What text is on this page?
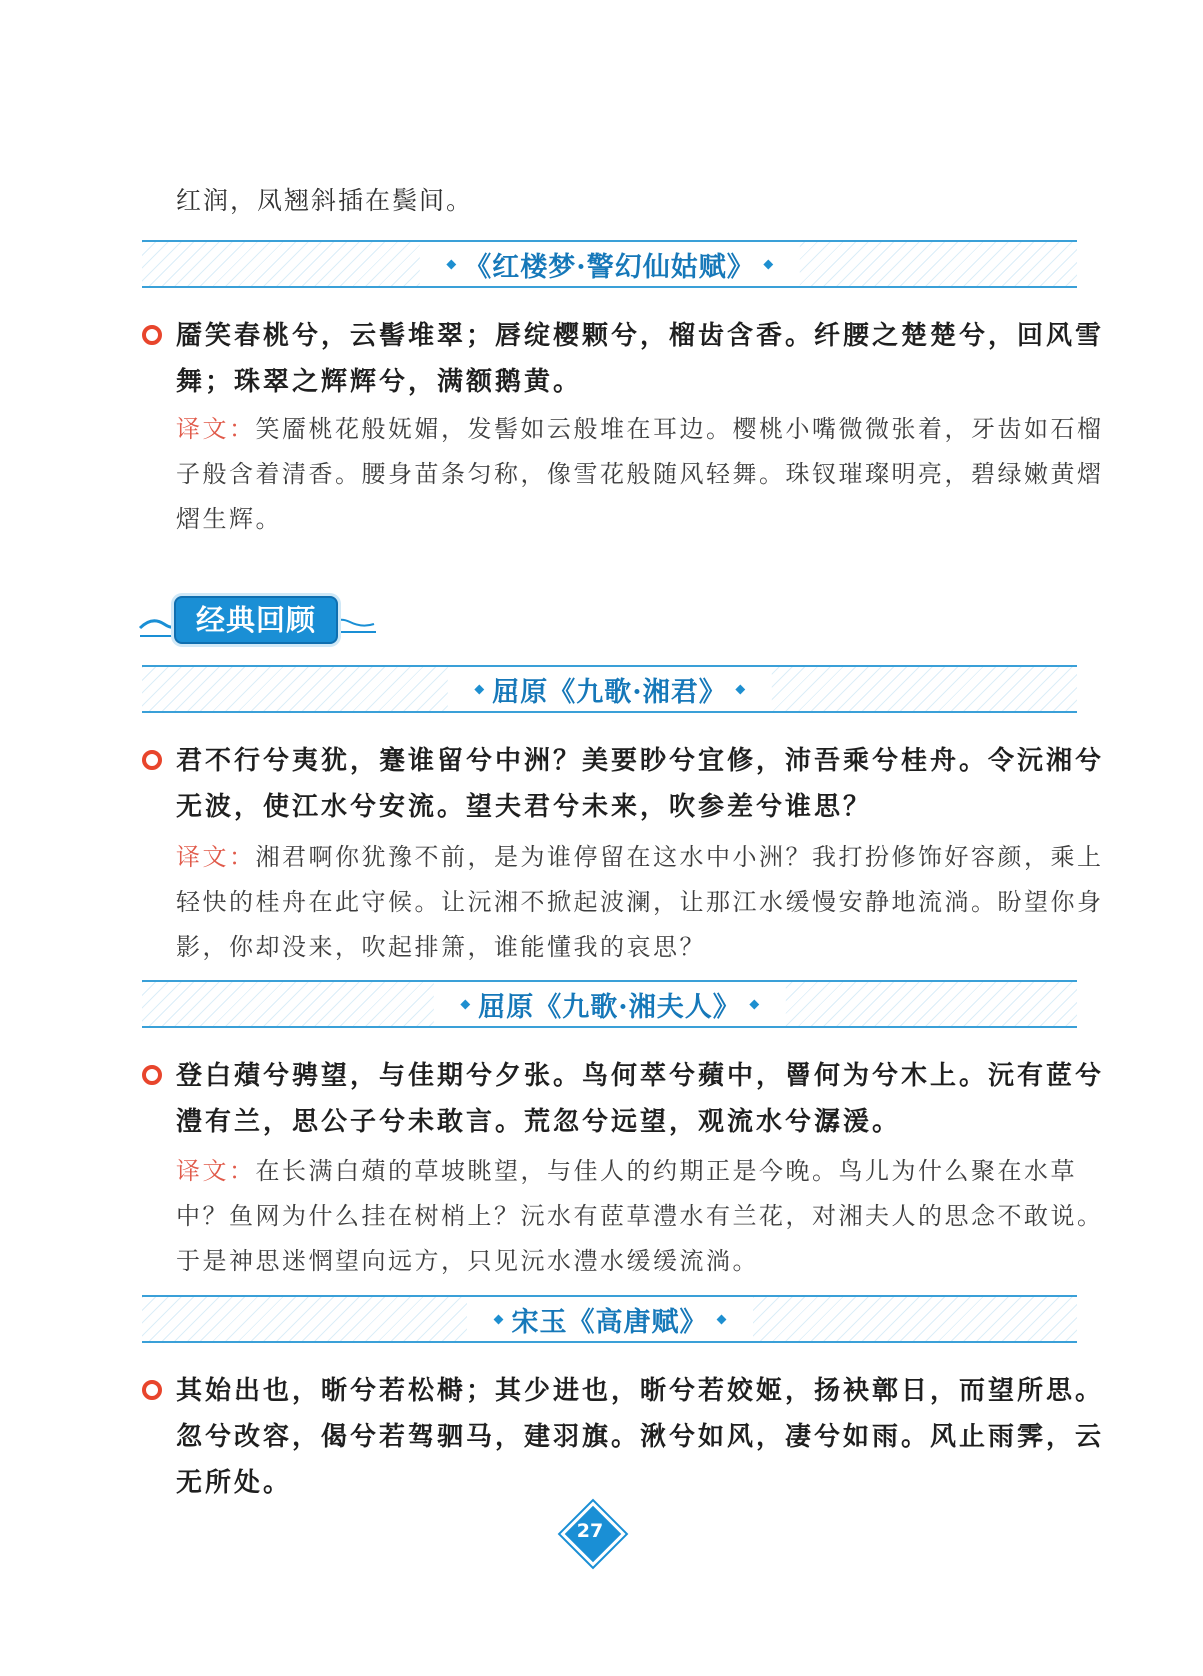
红润，凤翘斜插在鬓间。

《红楼梦·警幻仙姑赋》

靥笑春桃兮，云髻堆翠；唇绽樱颗兮，榴齿含香。纤腰之楚楚兮，回风雪舞；珠翠之辉辉兮，满额鹅黄。

译文：笑靥桃花般妩媚，发髻如云般堆在耳边。樱桃小嘴微微张着，牙齿如石榴子般含着清香。腰身苗条匀称，像雪花般随风轻舞。珠钗璀璨明亮，碧绿嫩黄熠熠生辉。

经典回顾
屈原《九歌·湘君》

君不行兮夷犹，蹇谁留兮中洲？美要眇兮宜修，沛吾乘兮桂舟。令沅湘兮无波，使江水兮安流。望夫君兮未来，吹参差兮谁思？

译文：湘君啊你犹豫不前，是为谁停留在这水中小洲？我打扮修饰好容颜，乘上轻快的桂舟在此守候。让沅湘不掀起波澜，让那江水缓慢安静地流淌。盼望你身影，你却没来，吹起排箫，谁能懂我的哀思？

屈原《九歌·湘夫人》

登白薠兮骋望，与佳期兮夕张。鸟何萃兮蘋中，罾何为兮木上。沅有茝兮澧有兰，思公子兮未敢言。荒忽兮远望，观流水兮潺湲。

译文：在长满白薠的草坡眺望，与佳人的约期正是今晚。鸟儿为什么聚在水草中？鱼网为什么挂在树梢上？沅水有茝草澧水有兰花，对湘夫人的思念不敢说。于是神思迷惘望向远方，只见沅水澧水缓缓流淌。

宋玉《高唐赋》

其始出也，晣兮若松榯；其少进也，晣兮若姣姬，扬袂鄣日，而望所思。忽兮改容，偈兮若驾驷马，建羽旗。湫兮如风，凄兮如雨。风止雨霁，云无所处。

27
